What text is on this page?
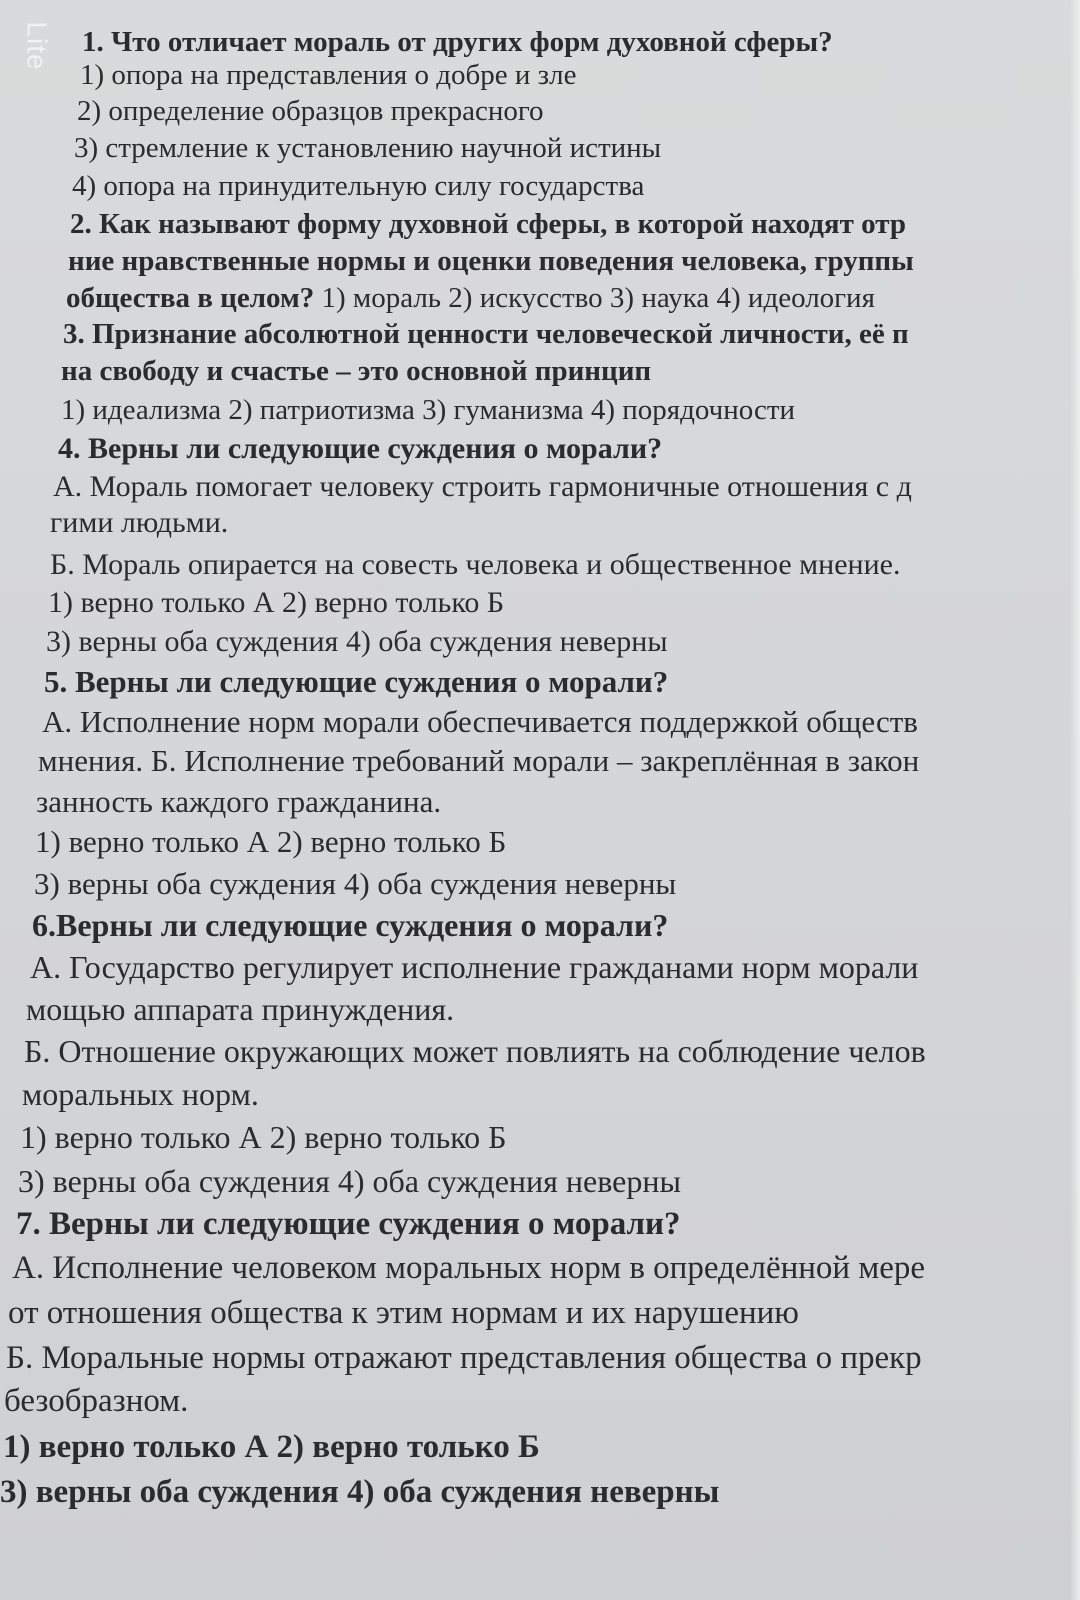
Lite 1. Что отличает мораль от других форм духовной сферы?
1) опора на представления о добре и зле
2) определение образцов прекрасного
3) стремление к установлению научной истины
4) опора на принудительную силу государства
2. Как называют форму духовной сферы, в которой находят отр
ние нравственные нормы и оценки поведения человека, группы
общества в целом? 1) мораль 2) искусство 3) наука 4) идеология
3. Признание абсолютной ценности человеческой личности, её п
на свободу и счастье – это основной принцип
1) идеализма 2) патриотизма 3) гуманизма 4) порядочности
4. Верны ли следующие суждения о морали?
А. Мораль помогает человеку строить гармоничные отношения с д
гими людьми.
Б. Мораль опирается на совесть человека и общественное мнение.
1) верно только А 2) верно только Б
3) верны оба суждения 4) оба суждения неверны
5. Верны ли следующие суждения о морали?
А. Исполнение норм морали обеспечивается поддержкой обществ
мнения. Б. Исполнение требований морали – закреплённая в закон
занность каждого гражданина.
1) верно только А 2) верно только Б
3) верны оба суждения 4) оба суждения неверны
6.Верны ли следующие суждения о морали?
А. Государство регулирует исполнение гражданами норм морали
мощью аппарата принуждения.
Б. Отношение окружающих может повлиять на соблюдение челов
моральных норм.
1) верно только А 2) верно только Б
3) верны оба суждения 4) оба суждения неверны
7. Верны ли следующие суждения о морали?
А. Исполнение человеком моральных норм в определённой мере
от отношения общества к этим нормам и их нарушению
Б. Моральные нормы отражают представления общества о прекр
безобразном.
1) верно только А 2) верно только Б
3) верны оба суждения 4) оба суждения неверны
